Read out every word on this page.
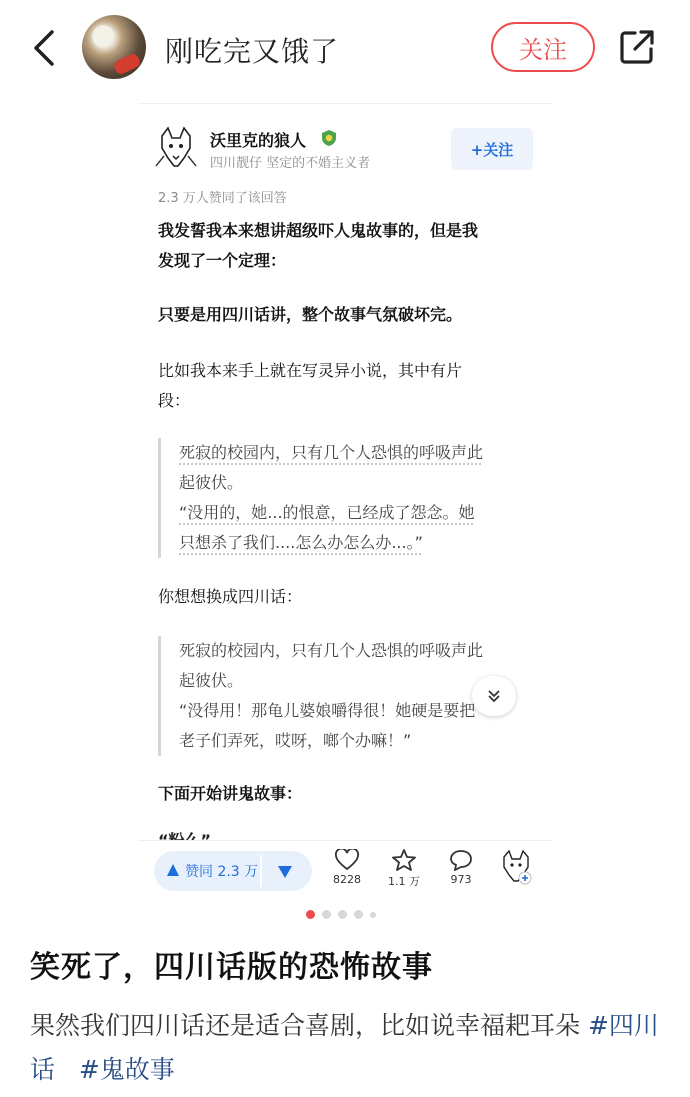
刚吃完又饿了	关注
沃里克的狼人
四川靓仔 坚定的不婚主义者
+关注
2.3 万人赞同了该回答
我发誓我本来想讲超级吓人鬼故事的，但是我
发现了一个定理：
只要是用四川话讲，整个故事气氛破坏完。
比如我本来手上就在写灵异小说，其中有片
段：
死寂的校园内，只有几个人恐惧的呼吸声此
起彼伏。
“没用的，她...的恨意，已经成了怨念。她
只想杀了我们....怎么办怎么办...。”
你想想换成四川话：
死寂的校园内，只有几个人恐惧的呼吸声此
起彼伏。
“没得用！那龟儿婆娘嚼得很！她硬是要把
老子们弄死，哎呀，啷个办嘛！”
下面开始讲鬼故事：
赞同 2.3 万	8228	1.1 万	973
笑死了，四川话版的恐怖故事
果然我们四川话还是适合喜剧，比如说幸福耙耳朵 #四川话 #鬼故事
